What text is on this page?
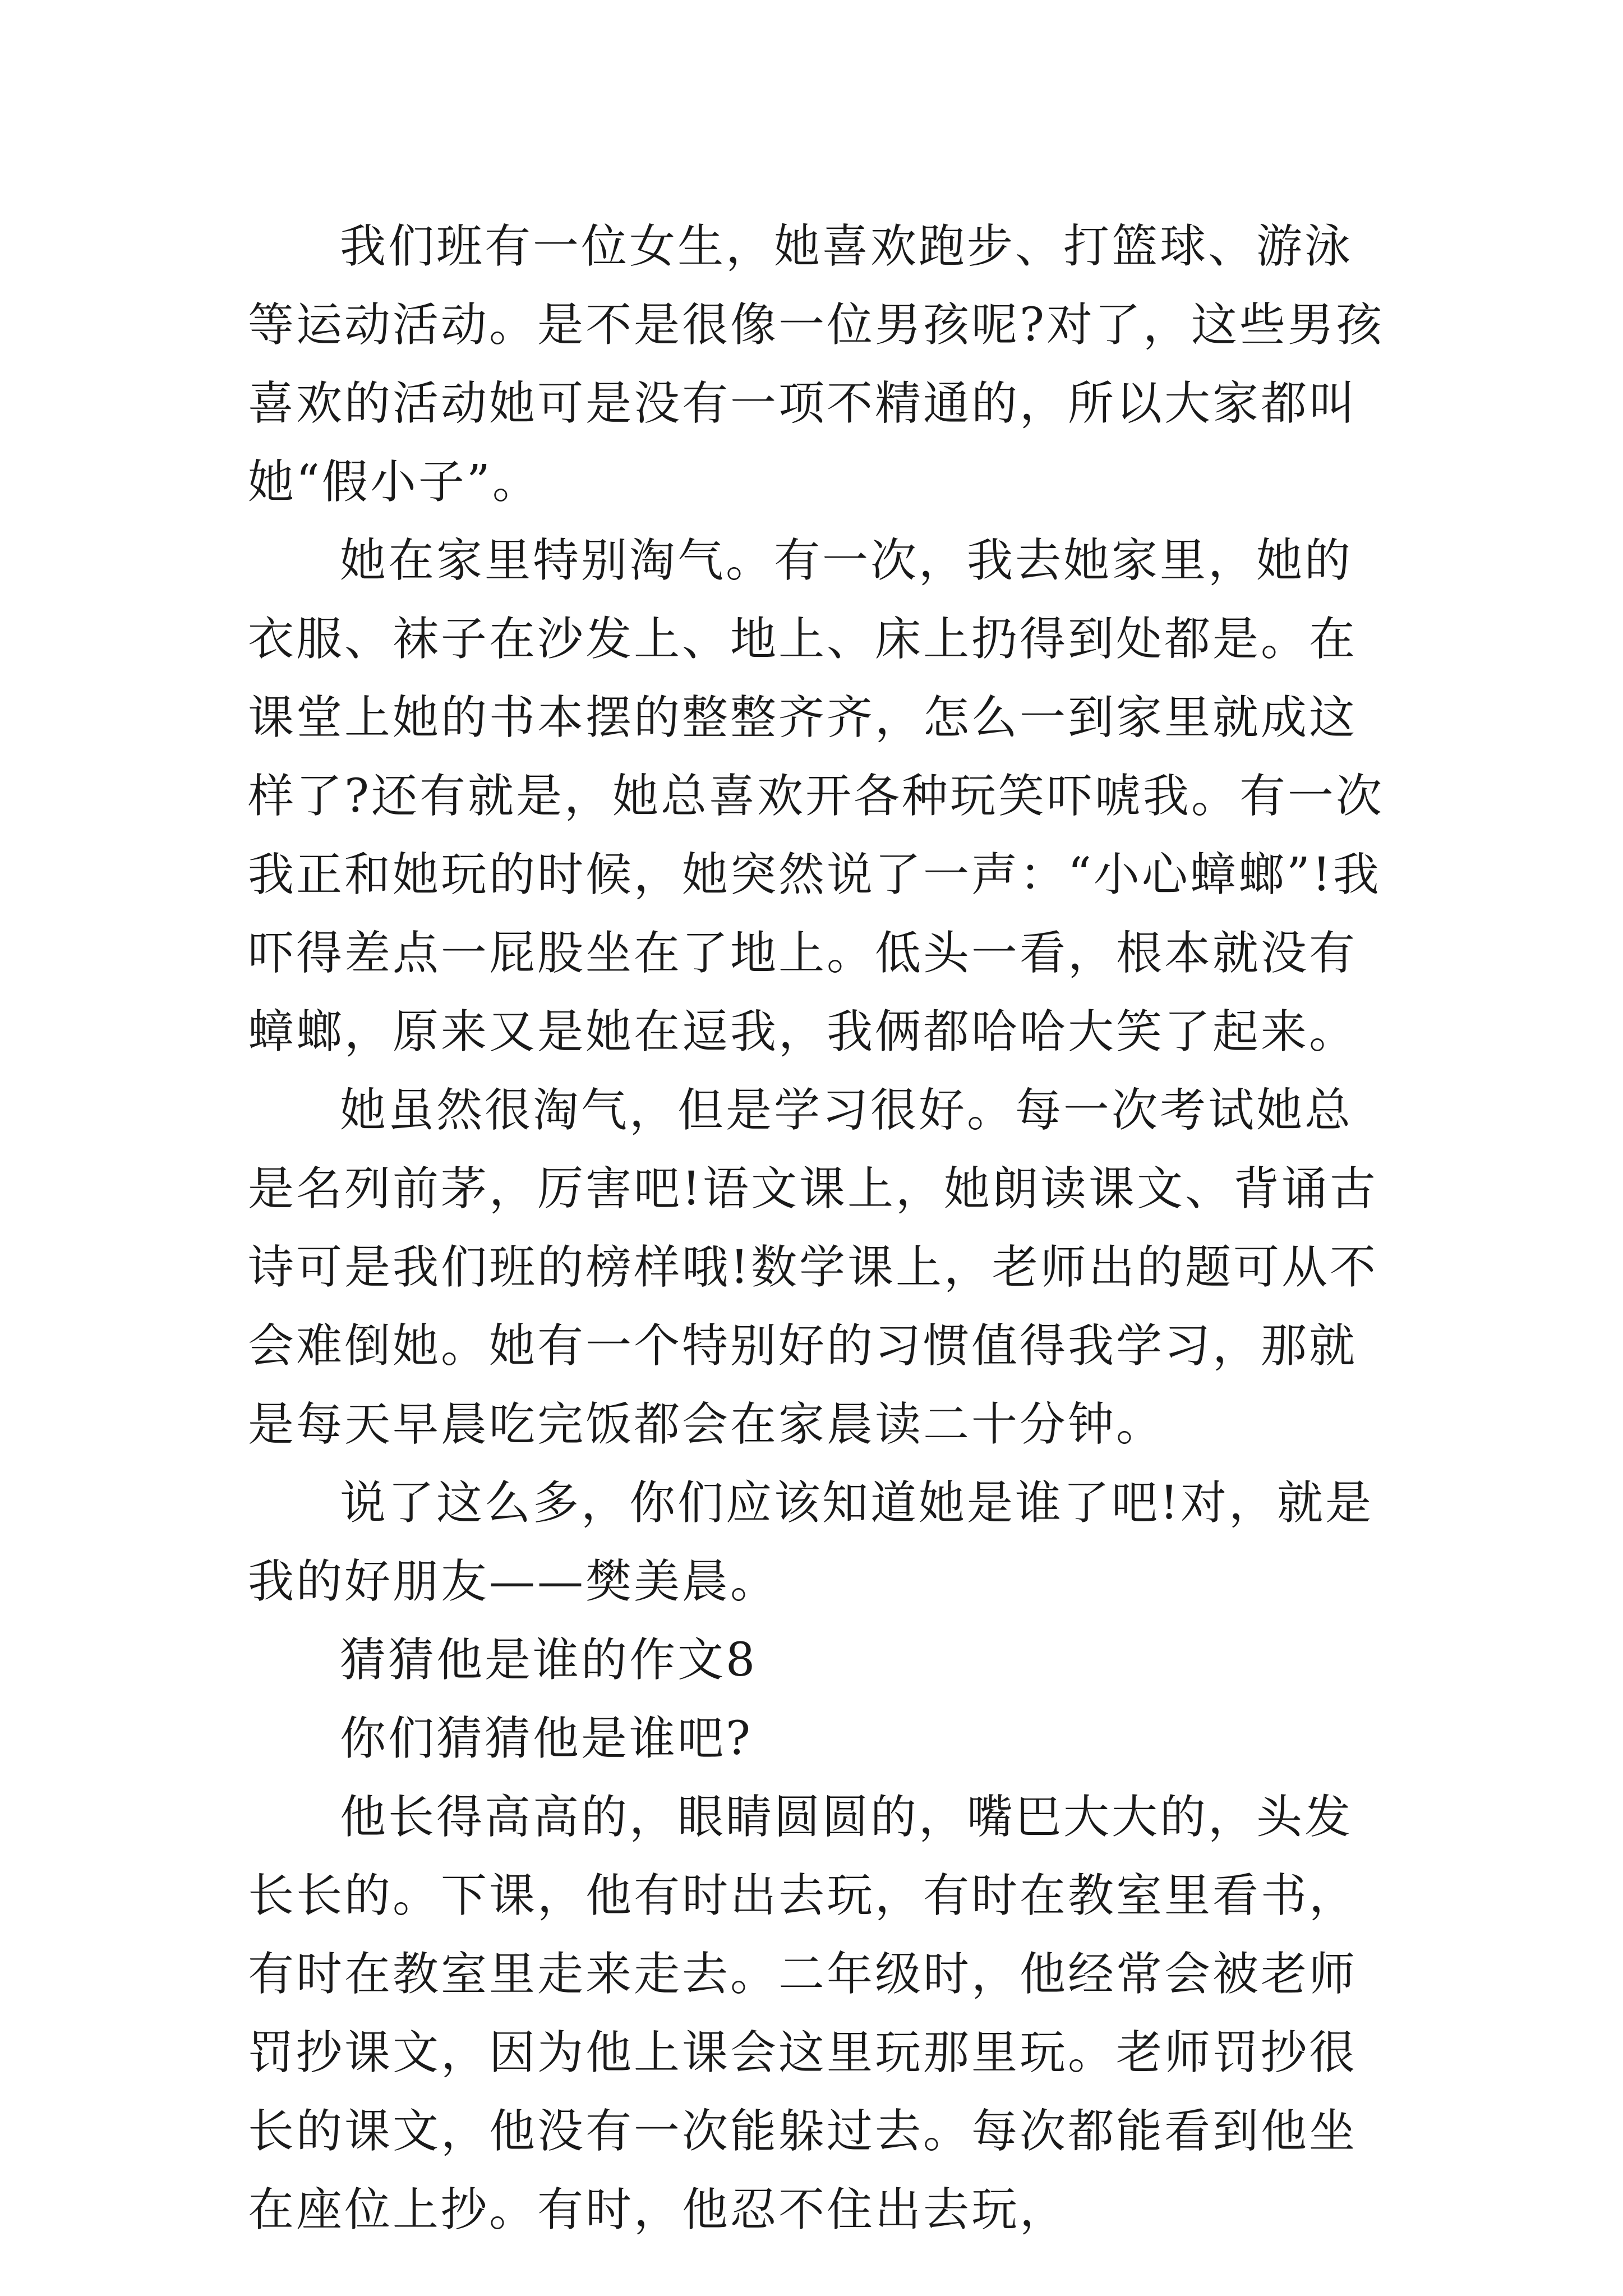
我们班有一位女生，她喜欢跑步、打篮球、游泳等运动活动。是不是很像一位男孩呢?对了，这些男孩喜欢的活动她可是没有一项不精通的，所以大家都叫她“假小子”。

她在家里特别淘气。有一次，我去她家里，她的衣服、袜子在沙发上、地上、床上扔得到处都是。在课堂上她的书本摆的整整齐齐，怎么一到家里就成这样了?还有就是，她总喜欢开各种玩笑吓唬我。有一次我正和她玩的时候，她突然说了一声：“小心蟑螂”!我吓得差点一屁股坐在了地上。低头一看，根本就没有蟑螂，原来又是她在逗我，我俩都哈哈大笑了起来。

她虽然很淘气，但是学习很好。每一次考试她总是名列前茅，厉害吧!语文课上，她朗读课文、背诵古诗可是我们班的榜样哦!数学课上，老师出的题可从不会难倒她。她有一个特别好的习惯值得我学习，那就是每天早晨吃完饭都会在家晨读二十分钟。

说了这么多，你们应该知道她是谁了吧!对，就是我的好朋友——樊美晨。

猜猜他是谁的作文8

你们猜猜他是谁吧?

他长得高高的，眼睛圆圆的，嘴巴大大的，头发长长的。下课，他有时出去玩，有时在教室里看书，有时在教室里走来走去。二年级时，他经常会被老师罚抄课文，因为他上课会这里玩那里玩。老师罚抄很长的课文，他没有一次能躲过去。每次都能看到他坐在座位上抄。有时，他忍不住出去玩，
